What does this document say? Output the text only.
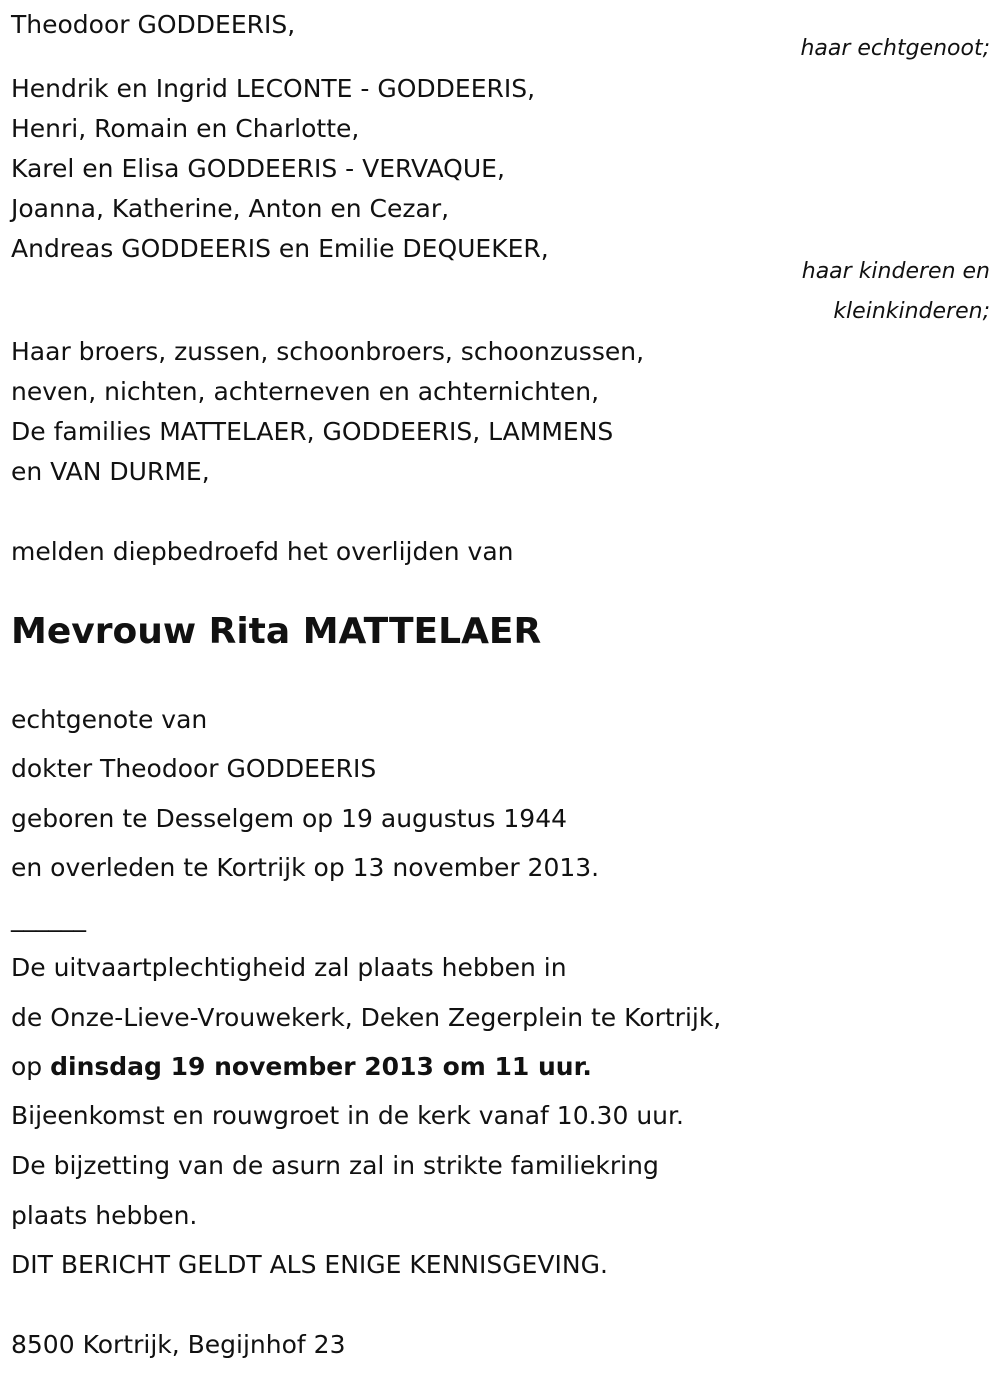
Theodoor GODDEERIS,
haar echtgenoot;
Hendrik en Ingrid LECONTE - GODDEERIS,
Henri, Romain en Charlotte,
Karel en Elisa GODDEERIS - VERVAQUE,
Joanna, Katherine, Anton en Cezar,
Andreas GODDEERIS en Emilie DEQUEKER,
haar kinderen en
kleinkinderen;
Haar broers, zussen, schoonbroers, schoonzussen,
neven, nichten, achterneven en achternichten,
De families MATTELAER, GODDEERIS, LAMMENS
en VAN DURME,
melden diepbedroefd het overlijden van
Mevrouw Rita MATTELAER
echtgenote van
dokter Theodoor GODDEERIS
geboren te Desselgem op 19 augustus 1944
en overleden te Kortrijk op 13 november 2013.
______
De uitvaartplechtigheid zal plaats hebben in
de Onze-Lieve-Vrouwekerk, Deken Zegerplein te Kortrijk,
op dinsdag 19 november 2013 om 11 uur.
Bijeenkomst en rouwgroet in de kerk vanaf 10.30 uur.
De bijzetting van de asurn zal in strikte familiekring
plaats hebben.
DIT BERICHT GELDT ALS ENIGE KENNISGEVING.
8500 Kortrijk, Begijnhof 23
